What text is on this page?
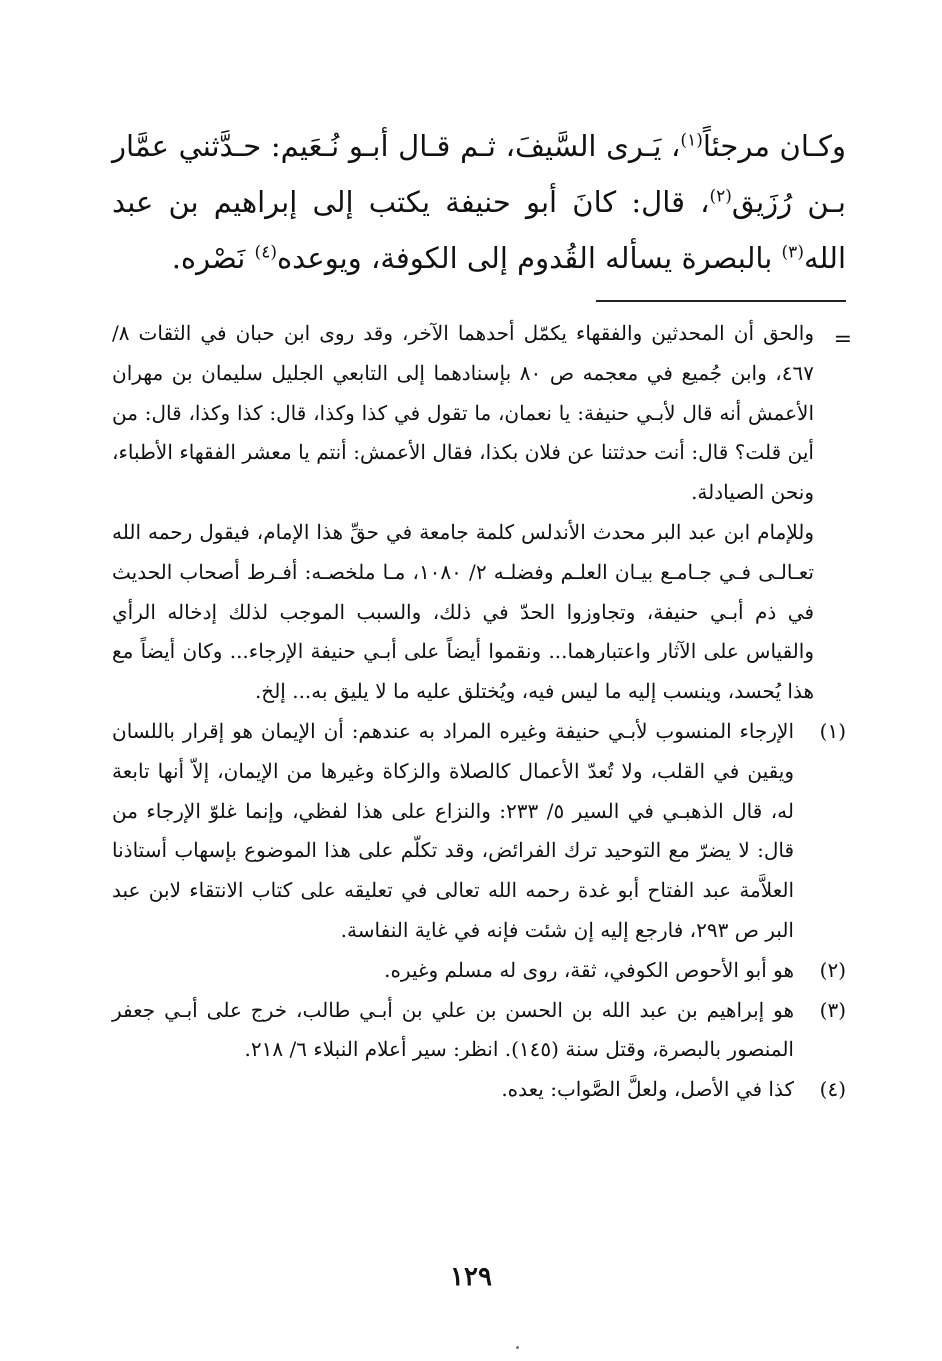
وكـان مرجئاً$^{(١)}$، يَـرى السَّيفَ، ثـم قـال أبـو نُـعَيم: حـدَّثني عمَّار بـن رُزَيق$^{(٢)}$، قال: كانَ أبو حنيفة يكتب إلى إبراهيم بن عبد الله$^{(٣)}$ بالبصرة يسأله القُدوم إلى الكوفة، ويوعده$^{(٤)}$ نَصْره.

=

والحق أن المحدثين والفقهاء يكمّل أحدهما الآخر، وقد روى ابن حبان في الثقات ٨/ ٤٦٧، وابن جُميع في معجمه ص ٨٠ بإسنادهما إلى التابعي الجليل سليمان بن مهران الأعمش أنه قال لأبـي حنيفة: يا نعمان، ما تقول في كذا وكذا، قال: كذا وكذا، قال: من أين قلت؟ قال: أنت حدثتنا عن فلان بكذا، فقال الأعمش: أنتم يا معشر الفقهاء الأطباء، ونحن الصيادلة.

وللإمام ابن عبد البر محدث الأندلس كلمة جامعة في حقِّ هذا الإمام، فيقول رحمه الله تعـالـى فـي جـامـع بيـان العلـم وفضلـه ٢/ ١٠٨٠، مـا ملخصـه: أفـرط أصحاب الحديث في ذم أبـي حنيفة، وتجاوزوا الحدّ في ذلك، والسبب الموجب لذلك إدخاله الرأي والقياس على الآثار واعتبارهما... ونقموا أيضاً على أبـي حنيفة الإرجاء... وكان أيضاً مع هذا يُحسد، وينسب إليه ما ليس فيه، ويُختلق عليه ما لا يليق به... إلخ.

(١)

الإرجاء المنسوب لأبـي حنيفة وغيره المراد به عندهم: أن الإيمان هو إقرار باللسان ويقين في القلب، ولا تُعدّ الأعمال كالصلاة والزكاة وغيرها من الإيمان، إلاّ أنها تابعة له، قال الذهبـي في السير ٥/ ٢٣٣: والنزاع على هذا لفظي، وإنما غلوّ الإرجاء من قال: لا يضرّ مع التوحيد ترك الفرائض، وقد تكلّم على هذا الموضوع بإسهاب أستاذنا العلاَّمة عبد الفتاح أبو غدة رحمه الله تعالى في تعليقه على كتاب الانتقاء لابن عبد البر ص ٢٩٣، فارجع إليه إن شئت فإنه في غاية النفاسة.

(٢)

هو أبو الأحوص الكوفي، ثقة، روى له مسلم وغيره.

(٣)

هو إبراهيم بن عبد الله بن الحسن بن علي بن أبـي طالب، خرج على أبـي جعفر المنصور بالبصرة، وقتل سنة (١٤٥). انظر: سير أعلام النبلاء ٦/ ٢١٨.

(٤)

كذا في الأصل، ولعلَّ الصَّواب: يعده.

١٢٩
